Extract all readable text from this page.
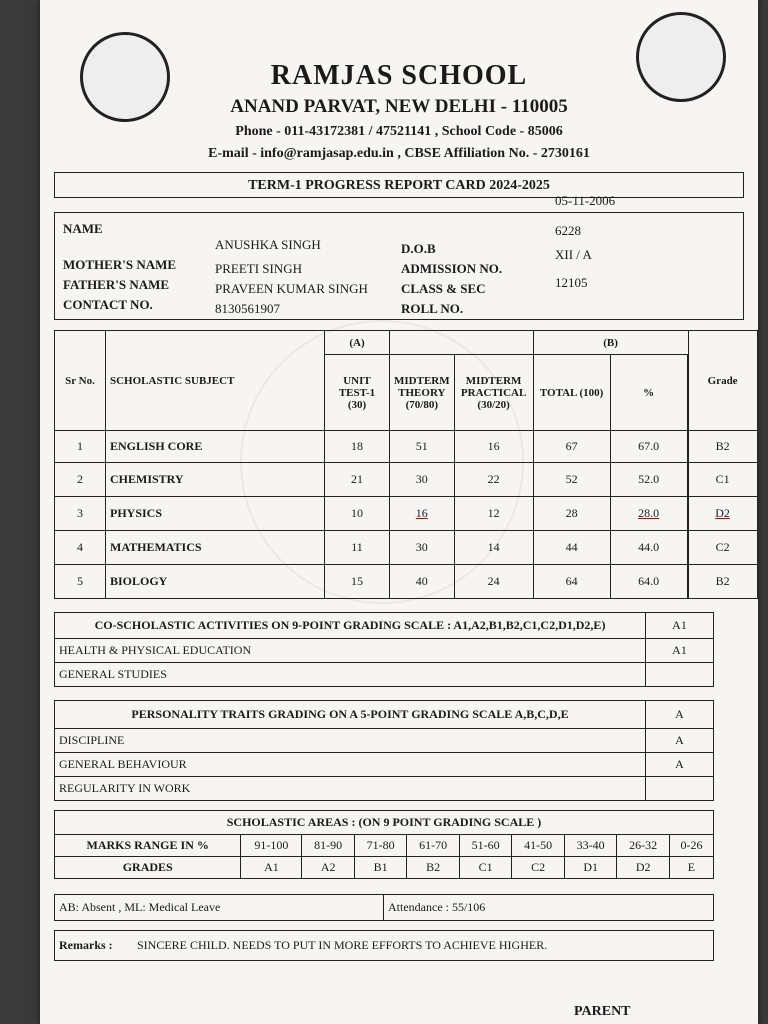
RAMJAS SCHOOL
ANAND PARVAT, NEW DELHI - 110005
Phone - 011-43172381 / 47521141 , School Code - 85006
E-mail - info@ramjasap.edu.in , CBSE Affiliation No. - 2730161
TERM-1 PROGRESS REPORT CARD 2024-2025
NAME
ANUSHKA SINGH
MOTHER'S NAME	PREETI SINGH
FATHER'S NAME	PRAVEEN KUMAR SINGH
CONTACT NO.	8130561907
D.O.B
05-11-2006
ADMISSION NO.
6228
CLASS & SEC
XII / A
ROLL NO.
12105
Sr No.	SCHOLASTIC SUBJECT	(A)			(B)		Grade
		UNIT TEST-1 (30)	MIDTERM THEORY (70/80)	MIDTERM PRACTICAL (30/20)	TOTAL (100)	%	
1	ENGLISH CORE	18	51	16	67	67.0		B2
2	CHEMISTRY	21	30	22	52	52.0		C1
3	PHYSICS	10	16	12	28	28.0		D2
4	MATHEMATICS	11	30	14	44	44.0		C2
5	BIOLOGY	15	40	24	64	64.0		B2
CO-SCHOLASTIC ACTIVITIES ON 9-POINT GRADING SCALE : A1,A2,B1,B2,C1,C2,D1,D2,E)	A1
HEALTH & PHYSICAL EDUCATION	A1
GENERAL STUDIES	
PERSONALITY TRAITS GRADING ON A 5-POINT GRADING SCALE A,B,C,D,E	A
DISCIPLINE	A
GENERAL BEHAVIOUR	A
REGULARITY IN WORK	
SCHOLASTIC AREAS : (ON 9 POINT GRADING SCALE )									
MARKS RANGE IN %	91-100	81-90	71-80	61-70	51-60	41-50	33-40	26-32	0-26
GRADES	A1	A2	B1	B2	C1	C2	D1	D2	E
AB: Absent , ML: Medical Leave	Attendance : 55/106
Remarks :	SINCERE CHILD. NEEDS TO PUT IN MORE EFFORTS TO ACHIEVE HIGHER.
PARENT
